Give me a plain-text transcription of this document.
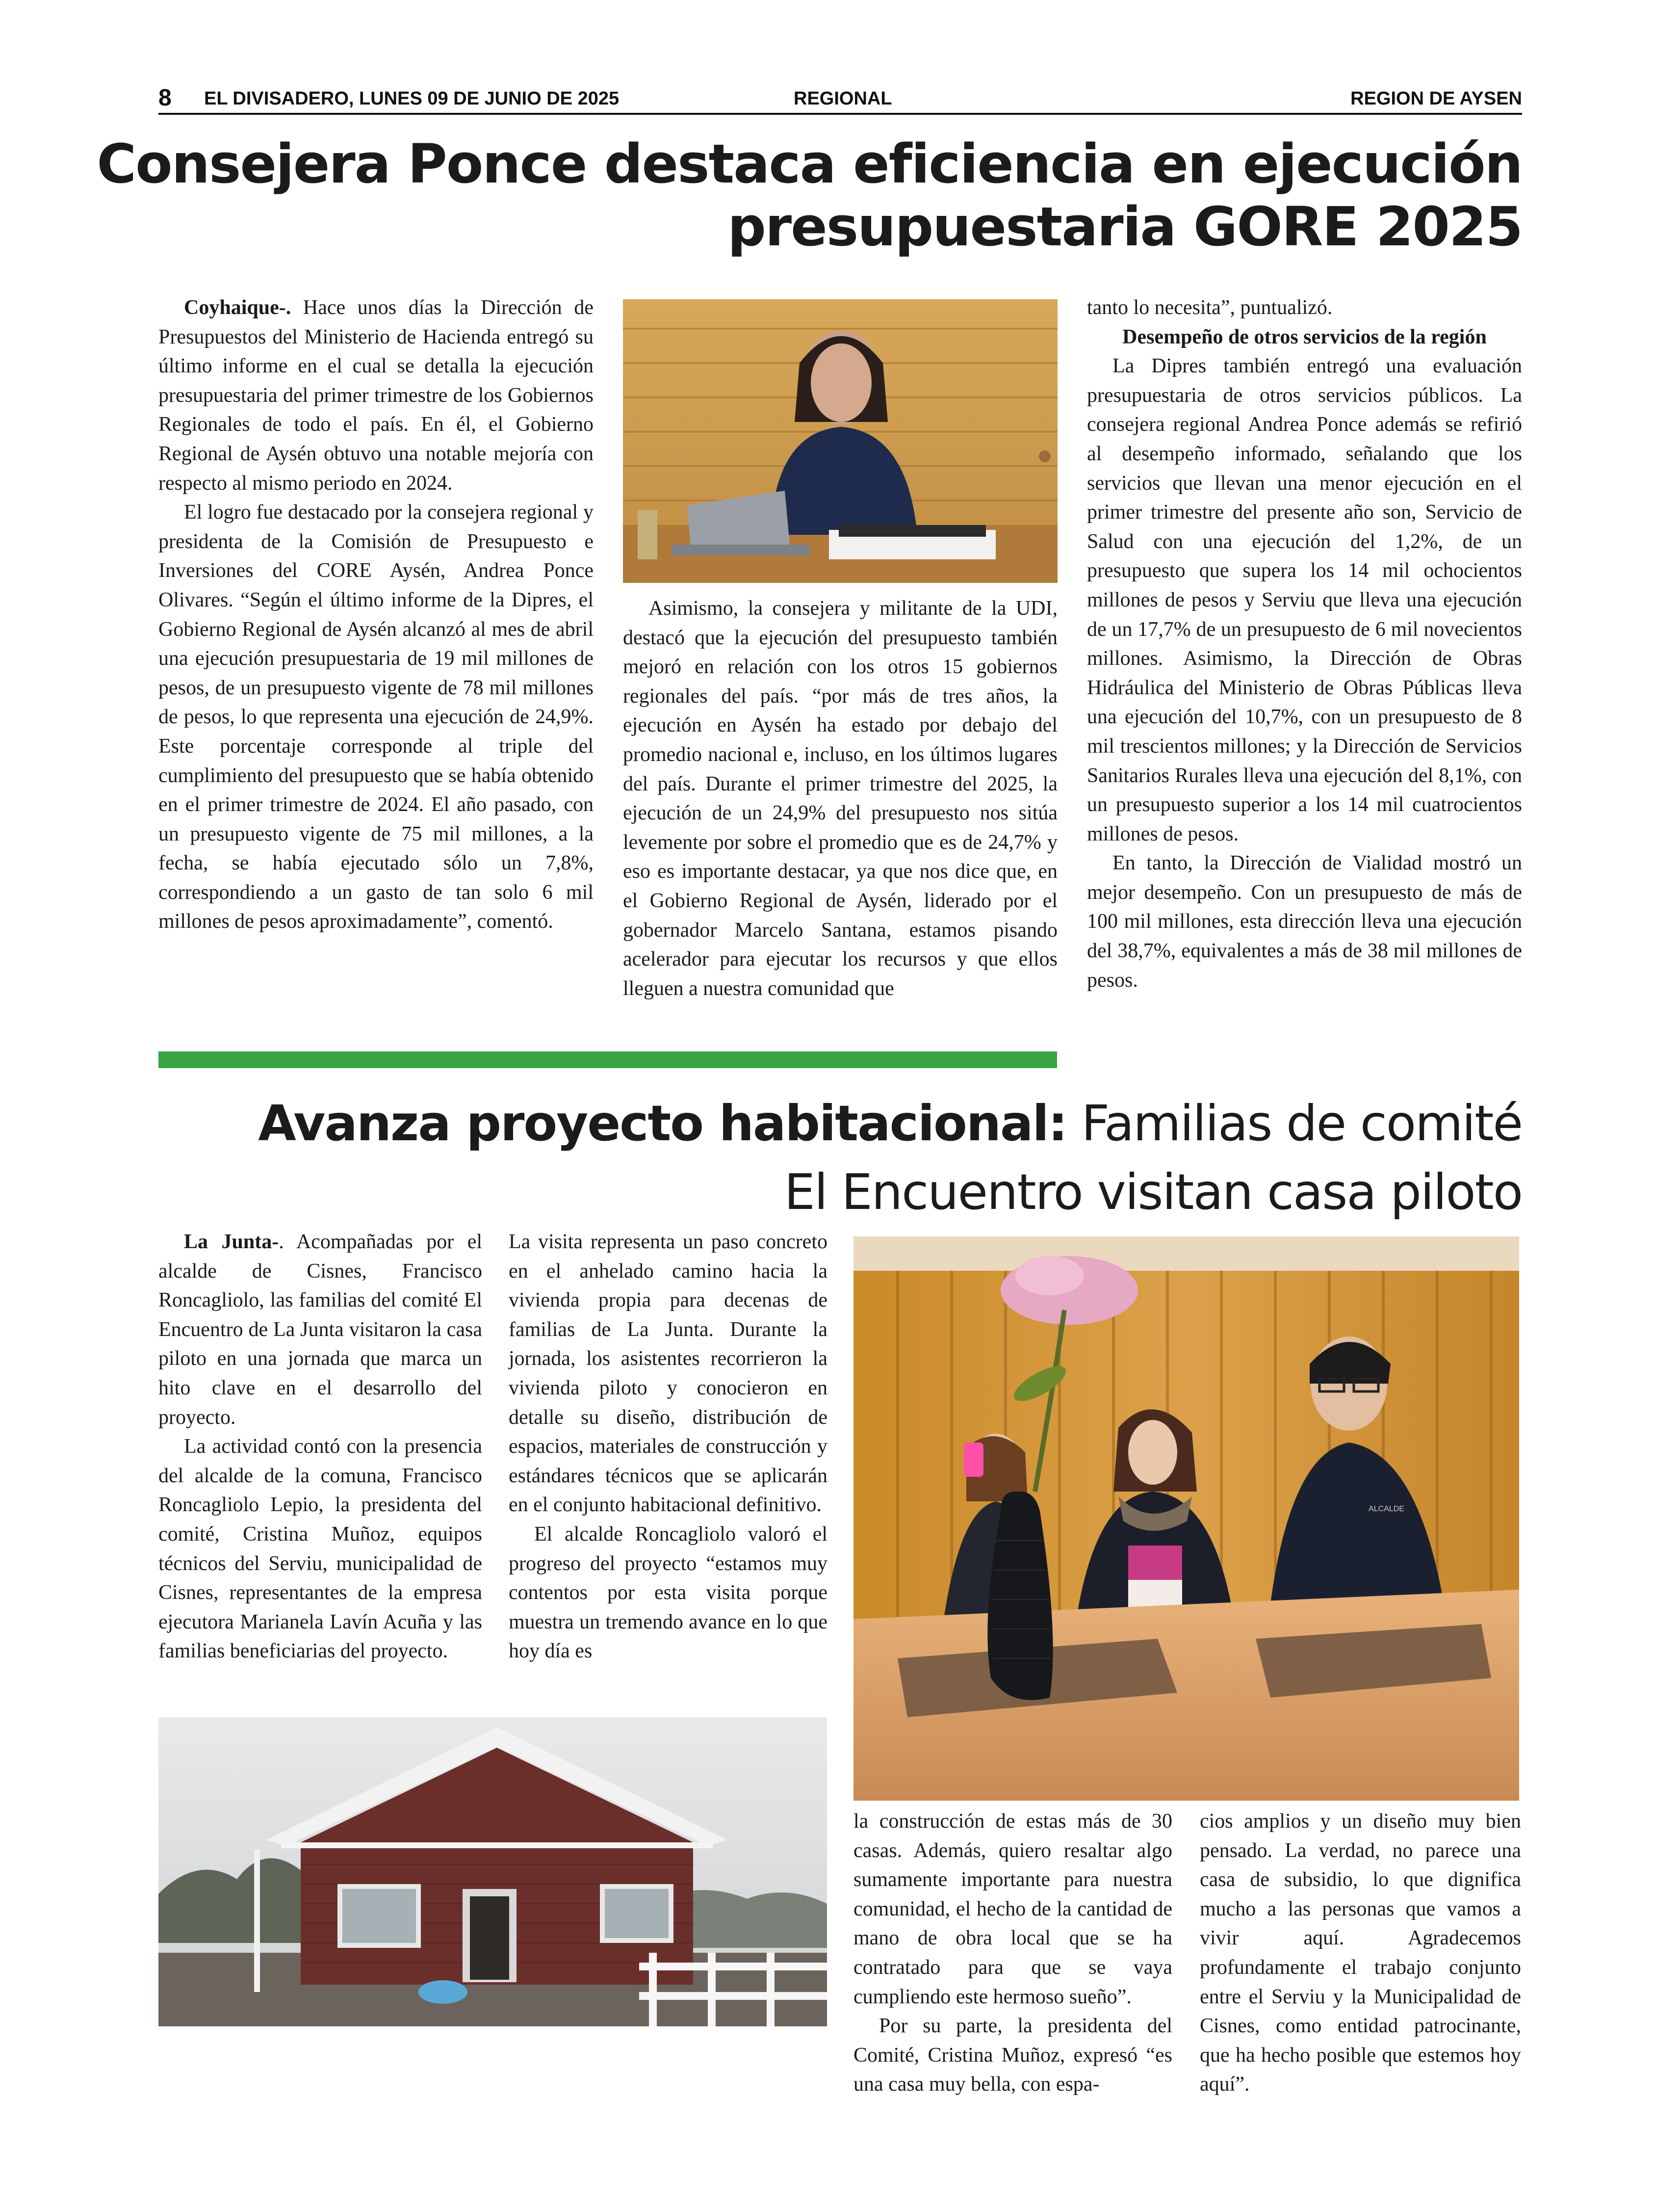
8 EL DIVISADERO, LUNES 09 DE JUNIO DE 2025	REGIONAL	REGION DE AYSEN
Consejera Ponce destaca eficiencia en ejecución
presupuestaria GORE 2025

Coyhaique-. Hace unos días la Dirección de Presupuestos del Ministerio de Hacienda entregó su último informe en el cual se detalla la ejecución presupuestaria del primer trimestre de los Gobiernos Regionales de todo el país. En él, el Gobierno Regional de Aysén obtuvo una notable mejoría con respecto al mismo periodo en 2024.

El logro fue destacado por la consejera regional y presidenta de la Comisión de Presupuesto e Inversiones del CORE Aysén, Andrea Ponce Olivares. “Según el último informe de la Dipres, el Gobierno Regional de Aysén alcanzó al mes de abril una ejecución presupuestaria de 19 mil millones de pesos, de un presupuesto vigente de 78 mil millones de pesos, lo que representa una ejecución de 24,9%. Este porcentaje corresponde al triple del cumplimiento del presupuesto que se había obtenido en el primer trimestre de 2024. El año pasado, con un presupuesto vigente de 75 mil millones, a la fecha, se había ejecutado sólo un 7,8%, correspondiendo a un gasto de tan solo 6 mil millones de pesos aproximadamente”, comentó.

Asimismo, la consejera y militante de la UDI, destacó que la ejecución del presupuesto también mejoró en relación con los otros 15 gobiernos regionales del país. “por más de tres años, la ejecución en Aysén ha estado por debajo del promedio nacional e, incluso, en los últimos lugares del país. Durante el primer trimestre del 2025, la ejecución de un 24,9% del presupuesto nos sitúa levemente por sobre el promedio que es de 24,7% y eso es importante destacar, ya que nos dice que, en el Gobierno Regional de Aysén, liderado por el gobernador Marcelo Santana, estamos pisando acelerador para ejecutar los recursos y que ellos lleguen a nuestra comunidad que

tanto lo necesita”, puntualizó.

Desempeño de otros servicios de la región

La Dipres también entregó una evaluación presupuestaria de otros servicios públicos. La consejera regional Andrea Ponce además se refirió al desempeño informado, señalando que los servicios que llevan una menor ejecución en el primer trimestre del presente año son, Servicio de Salud con una ejecución del 1,2%, de un presupuesto que supera los 14 mil ochocientos millones de pesos y Serviu que lleva una ejecución de un 17,7% de un presupuesto de 6 mil novecientos millones. Asimismo, la Dirección de Obras Hidráulica del Ministerio de Obras Públicas lleva una ejecución del 10,7%, con un presupuesto de 8 mil trescientos millones; y la Dirección de Servicios Sanitarios Rurales lleva una ejecución del 8,1%, con un presupuesto superior a los 14 mil cuatrocientos millones de pesos.

En tanto, la Dirección de Vialidad mostró un mejor desempeño. Con un presupuesto de más de 100 mil millones, esta dirección lleva una ejecución del 38,7%, equivalentes a más de 38 mil millones de pesos.

Avanza proyecto habitacional: Familias de comité
El Encuentro visitan casa piloto

La Junta-. Acompañadas por el alcalde de Cisnes, Francisco Roncagliolo, las familias del comité El Encuentro de La Junta visitaron la casa piloto en una jornada que marca un hito clave en el desarrollo del proyecto.

La actividad contó con la presencia del alcalde de la comuna, Francisco Roncagliolo Lepio, la presidenta del comité, Cristina Muñoz, equipos técnicos del Serviu, municipalidad de Cisnes, representantes de la empresa ejecutora Marianela Lavín Acuña y las familias beneficiarias del proyecto.

La visita representa un paso concreto en el anhelado camino hacia la vivienda propia para decenas de familias de La Junta. Durante la jornada, los asistentes recorrieron la vivienda piloto y conocieron en detalle su diseño, distribución de espacios, materiales de construcción y estándares técnicos que se aplicarán en el conjunto habitacional definitivo.

El alcalde Roncagliolo valoró el progreso del proyecto “estamos muy contentos por esta visita porque muestra un tremendo avance en lo que hoy día es

ALCALDE

la construcción de estas más de 30 casas. Además, quiero resaltar algo sumamente importante para nuestra comunidad, el hecho de la cantidad de mano de obra local que se ha contratado para que se vaya cumpliendo este hermoso sueño”.

Por su parte, la presidenta del Comité, Cristina Muñoz, expresó “es una casa muy bella, con espa-

cios amplios y un diseño muy bien pensado. La verdad, no parece una casa de subsidio, lo que dignifica mucho a las personas que vamos a vivir aquí. Agradecemos profundamente el trabajo conjunto entre el Serviu y la Municipalidad de Cisnes, como entidad patrocinante, que ha hecho posible que estemos hoy aquí”.
